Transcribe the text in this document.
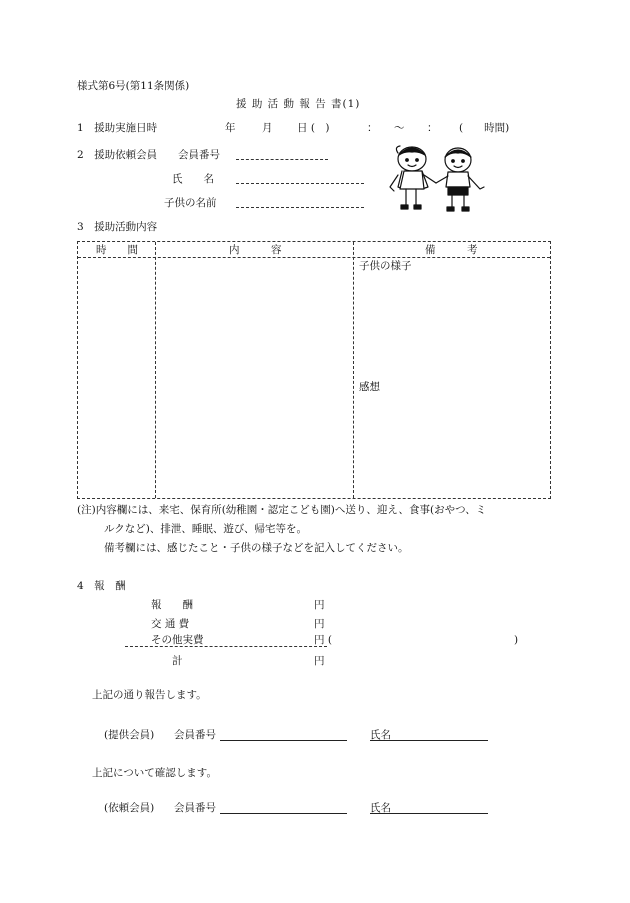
様式第6号(第11条関係)
援 助 活 動 報 告 書(1)
1　援助実施日時	年	月 日 (　)	： ～ ： (　　時間)
2　援助依頼会員 会員番号
氏　　名
子供の名前
3　援助活動内容
時　　間	内　　　容	備　　　考
子供の様子
感想
(注)内容欄には、来宅、保育所(幼稚園・認定こども園)へ送り、迎え、食事(おやつ、ミ
ルクなど)、排泄、睡眠、遊び、帰宅等を。
備考欄には、感じたこと・子供の様子などを記入してください。
4　報　酬
報　　酬	円
交 通 費	円
その他実費	円 (	)
計	円
上記の通り報告します。
(提供会員) 会員番号	氏名
上記について確認します。
(依頼会員) 会員番号	氏名
